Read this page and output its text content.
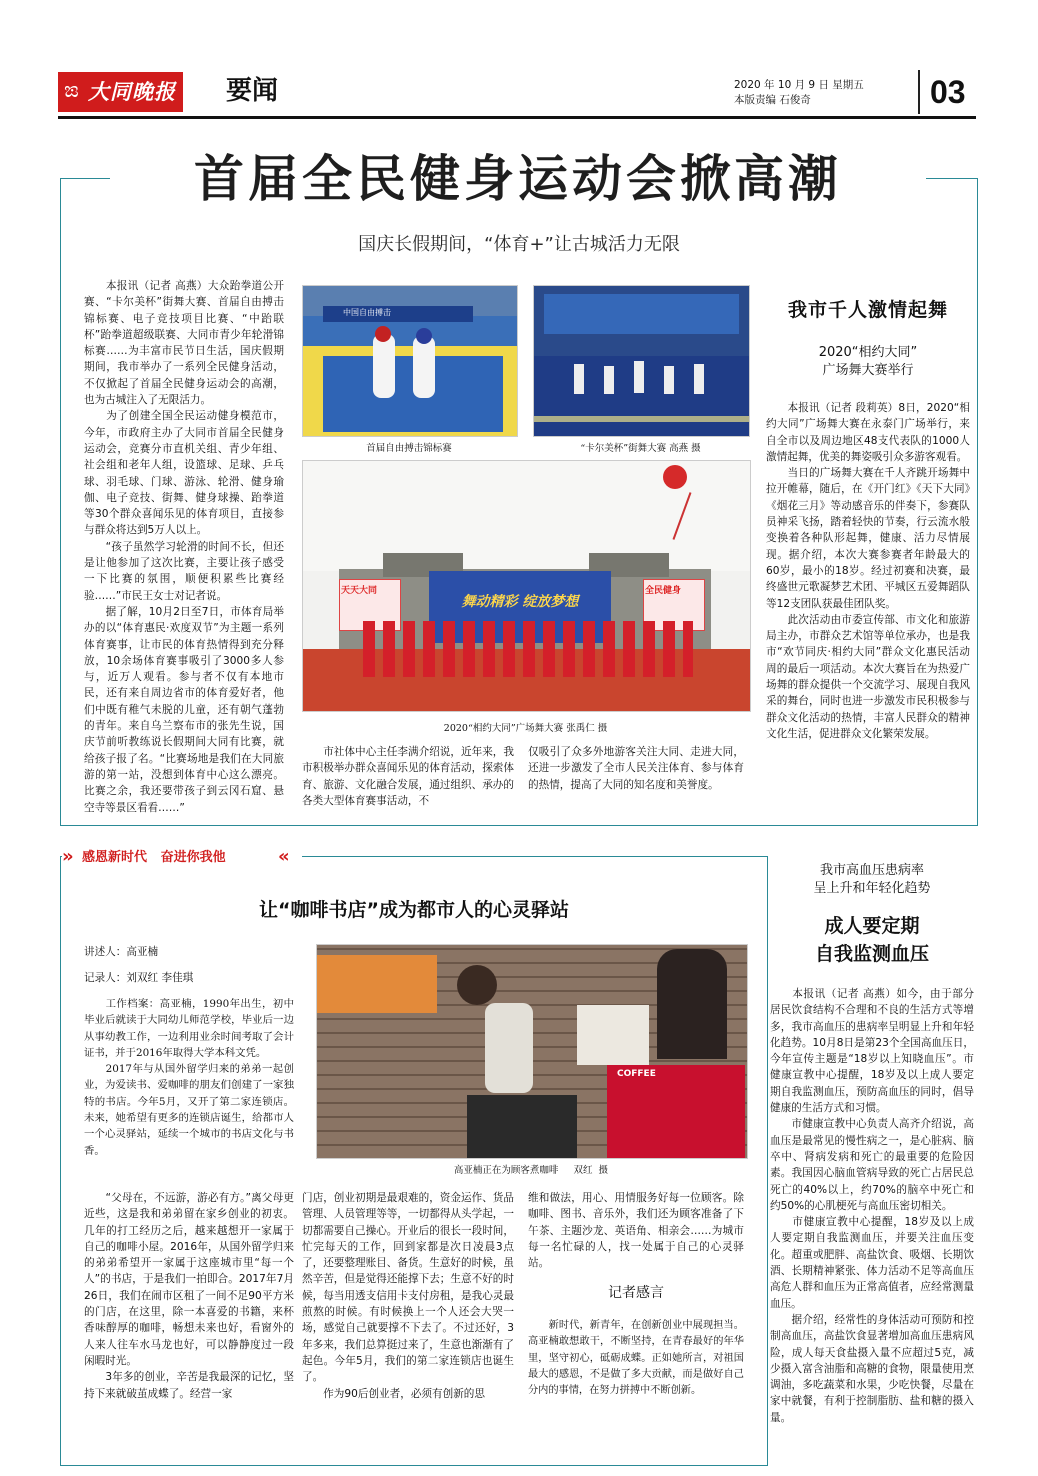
ಙ 大同晚报 要闻	2020 年 10 月 9 日 星期五
本版责编 石俊奇	03
首届全民健身运动会掀高潮
国庆长假期间，“体育+”让古城活力无限
　　本报讯（记者 高燕）大众跆拳道公开赛、“卡尔美杯”街舞大赛、首届自由搏击锦标赛、电子竞技项目比赛、“中跆联杯”跆拳道超级联赛、大同市青少年轮滑锦标赛……为丰富市民节日生活，国庆假期期间，我市举办了一系列全民健身活动，不仅掀起了首届全民健身运动会的高潮，也为古城注入了无限活力。
　　为了创建全国全民运动健身模范市，今年，市政府主办了大同市首届全民健身运动会，竞赛分市直机关组、青少年组、社会组和老年人组，设篮球、足球、乒乓球、羽毛球、门球、游泳、轮滑、健身瑜伽、电子竞技、街舞、健身球操、跆拳道等30个群众喜闻乐见的体育项目，直接参与群众将达到5万人以上。
　　“孩子虽然学习轮滑的时间不长，但还是让他参加了这次比赛，主要让孩子感受一下比赛的氛围，顺便积累些比赛经验……”市民王女士对记者说。
　　据了解，10月2日至7日，市体育局举办的以“体育惠民·欢度双节”为主题一系列体育赛事，让市民的体育热情得到充分释放，10余场体育赛事吸引了3000多人参与，近万人观看。参与者不仅有本地市民，还有来自周边省市的体育爱好者，他们中既有稚气未脱的儿童，还有朝气蓬勃的青年。来自乌兰察布市的张先生说，国庆节前听教练说长假期间大同有比赛，就给孩子报了名。“比赛场地是我们在大同旅游的第一站，没想到体育中心这么漂亮。比赛之余，我还要带孩子到云冈石窟、悬空寺等景区看看……”
中国自由搏击
首届自由搏击锦标赛	“卡尔美杯”街舞大赛 高燕 摄
舞动精彩 绽放梦想
天天大同	全民健身
2020“相约大同”广场舞大赛 张禹仁 摄
　　市社体中心主任李满介绍说，近年来，我市积极举办群众喜闻乐见的体育活动，探索体育、旅游、文化融合发展，通过组织、承办的各类大型体育赛事活动，不
仅吸引了众多外地游客关注大同、走进大同，还进一步激发了全市人民关注体育、参与体育的热情，提高了大同的知名度和美誉度。
我市千人激情起舞
2020“相约大同”
广场舞大赛举行
　　本报讯（记者 段莉英）8日，2020“相约大同”广场舞大赛在永泰门广场举行，来自全市以及周边地区48支代表队的1000人激情起舞，优美的舞姿吸引众多游客观看。
　　当日的广场舞大赛在千人齐跳开场舞中拉开帷幕，随后，在《开门红》《天下大同》《烟花三月》等动感音乐的伴奏下，参赛队员神采飞扬，踏着轻快的节奏，行云流水般变换着各种队形起舞，健康、活力尽情展现。据介绍，本次大赛参赛者年龄最大的60岁，最小的18岁。经过初赛和决赛，最终盛世元歌凝梦艺术团、平城区五爱舞蹈队等12支团队获最佳团队奖。
　　此次活动由市委宣传部、市文化和旅游局主办，市群众艺术馆等单位承办，也是我市“欢节同庆·相约大同”群众文化惠民活动周的最后一项活动。本次大赛旨在为热爱广场舞的群众提供一个交流学习、展现自我风采的舞台，同时也进一步激发市民积极参与群众文化活动的热情，丰富人民群众的精神文化生活，促进群众文化繁荣发展。
» 感恩新时代   奋进你我他	«
让“咖啡书店”成为都市人的心灵驿站
讲述人：高亚楠
记录人：刘双红 李佳琪
　　工作档案：高亚楠，1990年出生，初中毕业后就读于大同幼儿师范学校，毕业后一边从事幼教工作，一边利用业余时间考取了会计证书，并于2016年取得大学本科文凭。
　　2017年与从国外留学归来的弟弟一起创业，为爱读书、爱咖啡的朋友们创建了一家独特的书店。今年5月，又开了第二家连锁店。未来，她希望有更多的连锁店诞生，给都市人一个心灵驿站，延续一个城市的书店文化与书香。
COFFEE
高亚楠正在为顾客煮咖啡     双红  摄
　　“父母在，不远游，游必有方。”离父母更近些，这是我和弟弟留在家乡创业的初衷。几年的打工经历之后，越来越想开一家属于自己的咖啡小屋。2016年，从国外留学归来的弟弟希望开一家属于这座城市里“每一个人”的书店，于是我们一拍即合。2017年7月26日，我们在闹市区租了一间不足90平方米的门店，在这里，除一本喜爱的书籍，来杯香味醇厚的咖啡，畅想未来也好，看窗外的人来人往车水马龙也好，可以静静度过一段闲暇时光。
　　3年多的创业，辛苦是我最深的记忆，坚持下来就破茧成蝶了。经营一家
门店，创业初期是最艰难的，资金运作、货品管理、人员管理等等，一切都得从头学起，一切都需要自己操心。开业后的很长一段时间，忙完每天的工作，回到家都是次日凌晨3点了，还要整理账目、备货。生意好的时候，虽然辛苦，但是觉得还能撑下去；生意不好的时候，每当用透支信用卡支付房租，是我心灵最煎熬的时候。有时候换上一个人还会大哭一场，感觉自己就要撑不下去了。不过还好，3年多来，我们总算挺过来了，生意也渐渐有了起色。今年5月，我们的第二家连锁店也诞生了。
　　作为90后创业者，必须有创新的思
维和做法，用心、用情服务好每一位顾客。除咖啡、图书、音乐外，我们还为顾客准备了下午茶、主题沙龙、英语角、相亲会……为城市每一名忙碌的人，找一处属于自己的心灵驿站。
记者感言
　　新时代，新青年，在创新创业中展现担当。高亚楠敢想敢干，不断坚持，在青春最好的年华里，坚守初心，砥砺成蝶。正如她所言，对祖国最大的感恩，不是做了多大贡献，而是做好自己分内的事情，在努力拼搏中不断创新。
我市高血压患病率
呈上升和年轻化趋势
成人要定期
自我监测血压
　　本报讯（记者 高燕）如今，由于部分居民饮食结构不合理和不良的生活方式等增多，我市高血压的患病率呈明显上升和年轻化趋势。10月8日是第23个全国高血压日，今年宣传主题是“18岁以上知晓血压”。市健康宣教中心提醒，18岁及以上成人要定期自我监测血压，预防高血压的同时，倡导健康的生活方式和习惯。
　　市健康宣教中心负责人高齐介绍说，高血压是最常见的慢性病之一，是心脏病、脑卒中、肾病发病和死亡的最重要的危险因素。我国因心脑血管病导致的死亡占居民总死亡的40%以上，约70%的脑卒中死亡和约50%的心肌梗死与高血压密切相关。
　　市健康宣教中心提醒，18岁及以上成人要定期自我监测血压，并要关注血压变化。超重或肥胖、高盐饮食、吸烟、长期饮酒、长期精神紧张、体力活动不足等高血压高危人群和血压为正常高值者，应经常测量血压。
　　据介绍，经常性的身体活动可预防和控制高血压，高盐饮食显著增加高血压患病风险，成人每天食盐摄入量不应超过5克，减少摄入富含油脂和高糖的食物，限量使用烹调油，多吃蔬菜和水果，少吃快餐，尽量在家中就餐，有利于控制脂肪、盐和糖的摄入量。
